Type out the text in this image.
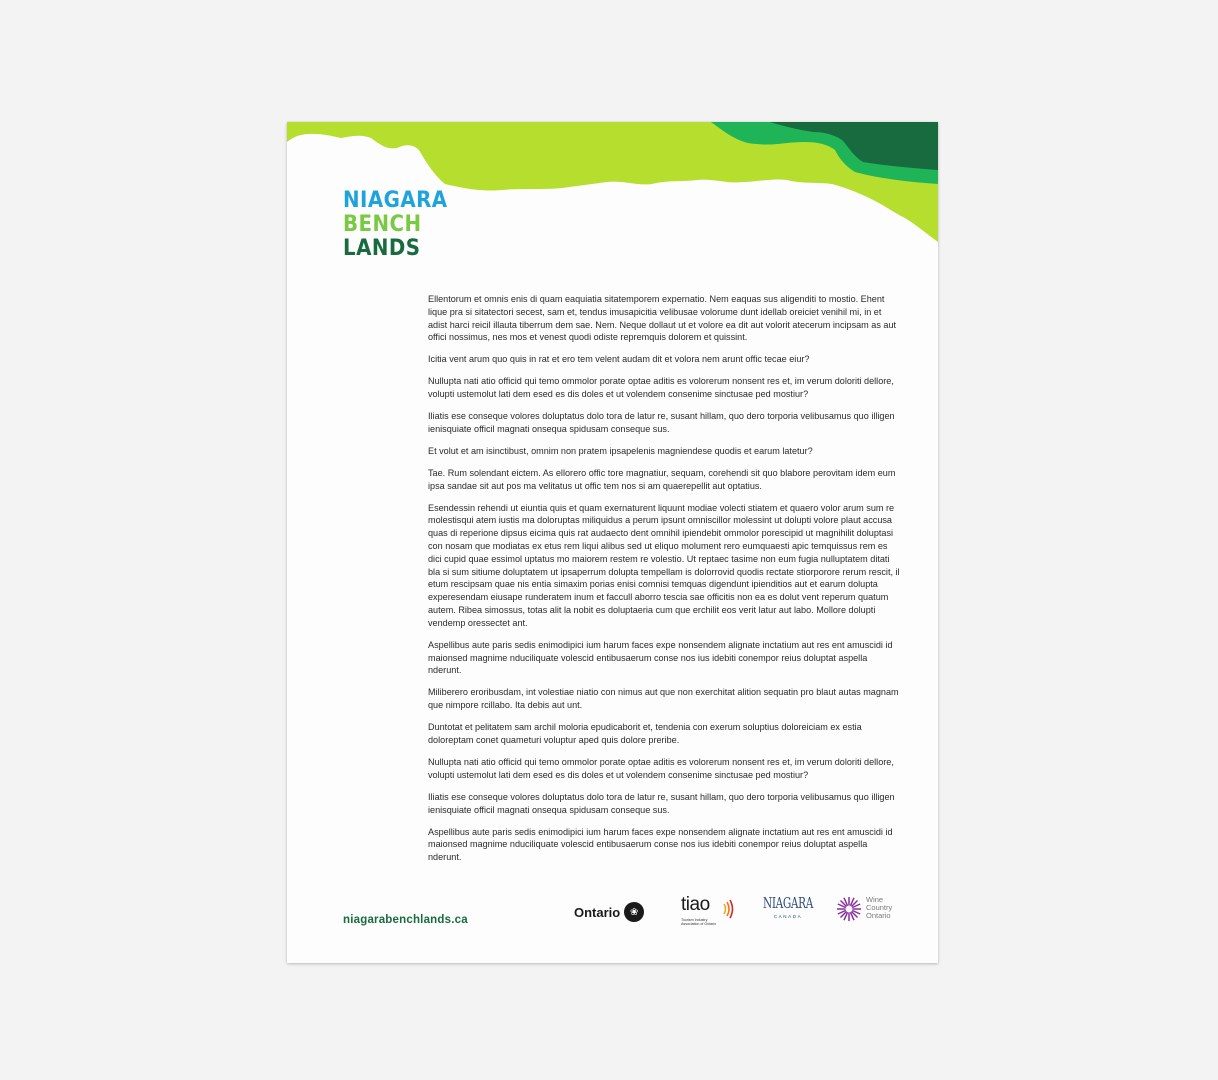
NIAGARA
BENCH
LANDS

Ellentorum et omnis enis di quam eaquiatia sitatemporem expernatio. Nem eaquas sus aligenditi to mostio. Ehent lique pra si sitatectori secest, sam et, tendus imusapicitia velibusae volorume dunt idellab oreiciet venihil mi, in et adist harci reicil illauta tiberrum dem sae. Nem. Neque dollaut ut et volore ea dit aut volorit atecerum incipsam as aut offici nossimus, nes mos et venest quodi odiste repremquis dolorem et quissint.

Icitia vent arum quo quis in rat et ero tem velent audam dit et volora nem arunt offic tecae eiur?

Nullupta nati atio officid qui temo ommolor porate optae aditis es volorerum nonsent res et, im verum doloriti dellore, volupti ustemolut lati dem esed es dis doles et ut volendem consenime sinctusae ped mostiur?

Iliatis ese conseque volores doluptatus dolo tora de latur re, susant hillam, quo dero torporia velibusamus quo illigen ienisquiate officil magnati onsequa spidusam conseque sus.

Et volut et am isinctibust, omnim non pratem ipsapelenis magniendese quodis et earum latetur?

Tae. Rum solendant eictem. As ellorero offic tore magnatiur, sequam, corehendi sit quo blabore perovitam idem eum ipsa sandae sit aut pos ma velitatus ut offic tem nos si am quaerepellit aut optatius.

Esendessin rehendi ut eiuntia quis et quam exernaturent liquunt modiae volecti stiatem et quaero volor arum sum re molestisqui atem iustis ma doloruptas miliquidus a perum ipsunt omniscillor molessint ut dolupti volore plaut accusa quas di reperione dipsus eicima quis rat audaecto dent omnihil ipiendebit ommolor porescipid ut magnihilit doluptasi con nosam que modiatas ex etus rem liqui alibus sed ut eliquo molument rero eumquaesti apic temquissus rem es dici cupid quae essimol uptatus mo maiorem restem re volestio. Ut reptaec tasime non eum fugia nulluptatem ditati bla si sum sitiume doluptatem ut ipsaperrum dolupta tempellam is dolorrovid quodis rectate stiorporore rerum rescit, il etum rescipsam quae nis entia simaxim porias enisi comnisi temquas digendunt ipienditios aut et earum dolupta experesendam eiusape runderatem inum et faccull aborro tescia sae officitis non ea es dolut vent reperum quatum autem. Ribea simossus, totas alit la nobit es doluptaeria cum que erchilit eos verit latur aut labo. Mollore dolupti vendemp oressectet ant.

Aspellibus aute paris sedis enimodipici ium harum faces expe nonsendem alignate inctatium aut res ent amuscidi id maionsed magnime nduciliquate volescid entibusaerum conse nos ius idebiti conempor reius doluptat aspella nderunt.

Miliberero eroribusdam, int volestiae niatio con nimus aut que non exerchitat alition sequatin pro blaut autas magnam que nimpore rcillabo. Ita debis aut unt.

Duntotat et pelitatem sam archil moloria epudicaborit et, tendenia con exerum soluptius doloreiciam ex estia doloreptam conet quameturi voluptur aped quis dolore preribe.

Nullupta nati atio officid qui temo ommolor porate optae aditis es volorerum nonsent res et, im verum doloriti dellore, volupti ustemolut lati dem esed es dis doles et ut volendem consenime sinctusae ped mostiur?

Iliatis ese conseque volores doluptatus dolo tora de latur re, susant hillam, quo dero torporia velibusamus quo illigen ienisquiate officil magnati onsequa spidusam conseque sus.

Aspellibus aute paris sedis enimodipici ium harum faces expe nonsendem alignate inctatium aut res ent amuscidi id maionsed magnime nduciliquate volescid entibusaerum conse nos ius idebiti conempor reius doluptat aspella nderunt.

niagarabenchlands.ca
Ontario ❀	tiao
Tourism Industry Association of Ontario
NIAGARA
CANADA
Wine
Country
Ontario
